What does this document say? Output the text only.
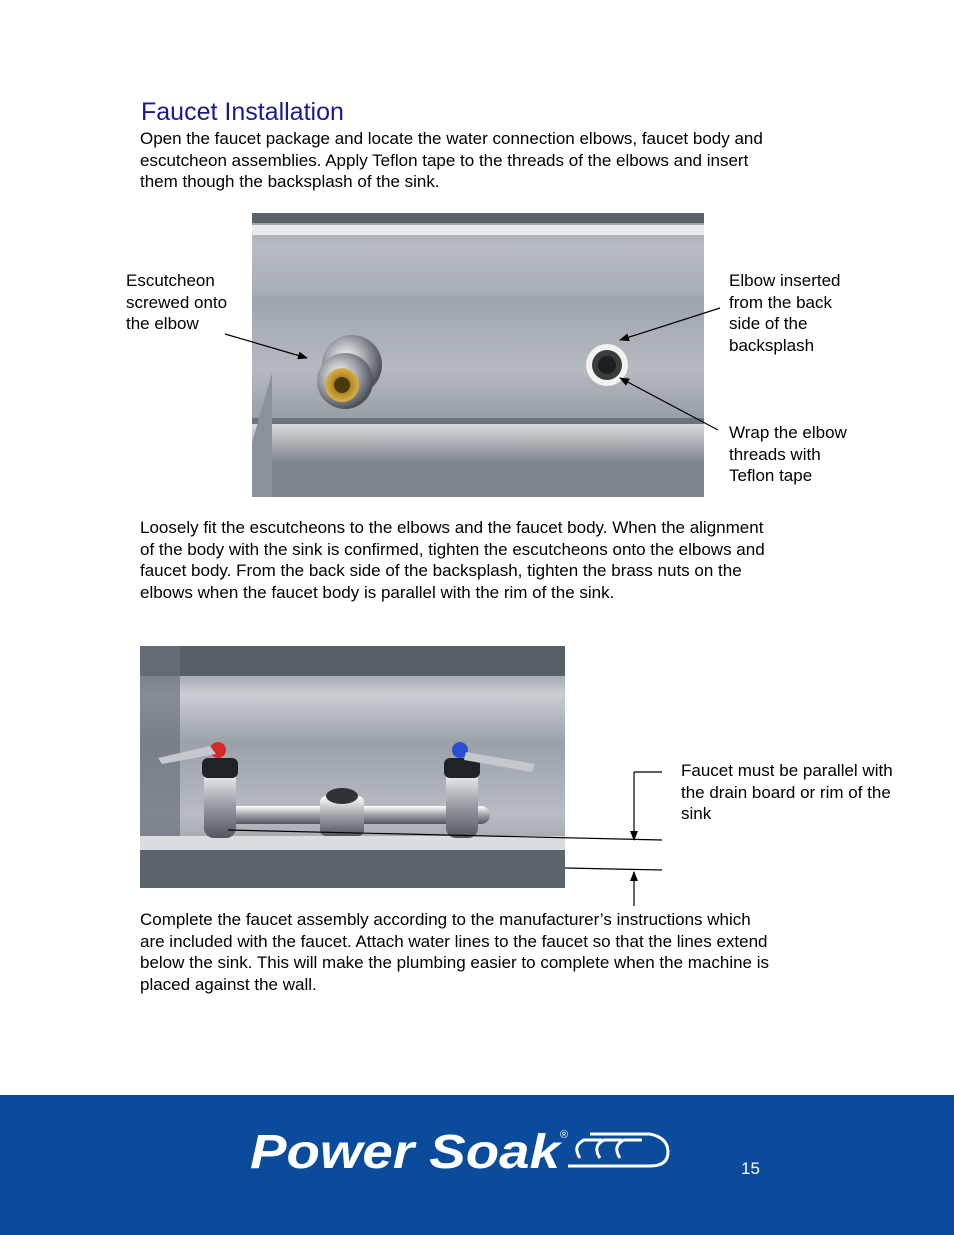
Faucet Installation

Open the faucet package and locate the water connection elbows, faucet body and escutcheon assemblies. Apply Teflon tape to the threads of the elbows and insert them though the backsplash of the sink.

Escutcheon screwed onto the elbow
Elbow inserted from the back side of the backsplash
Wrap the elbow threads with Teflon tape

Loosely fit the escutcheons to the elbows and the faucet body. When the alignment of the body with the sink is confirmed, tighten the escutcheons onto the elbows and faucet body. From the back side of the backsplash, tighten the brass nuts on the elbows when the faucet body is parallel with the rim of the sink.

Faucet must be parallel with the drain board or rim of the sink

Complete the faucet assembly according to the manufacturer’s instructions which are included with the faucet. Attach water lines to the faucet so that the lines extend below the sink. This will make the plumbing easier to complete when the machine is placed against the wall.

Power Soak
®
15
